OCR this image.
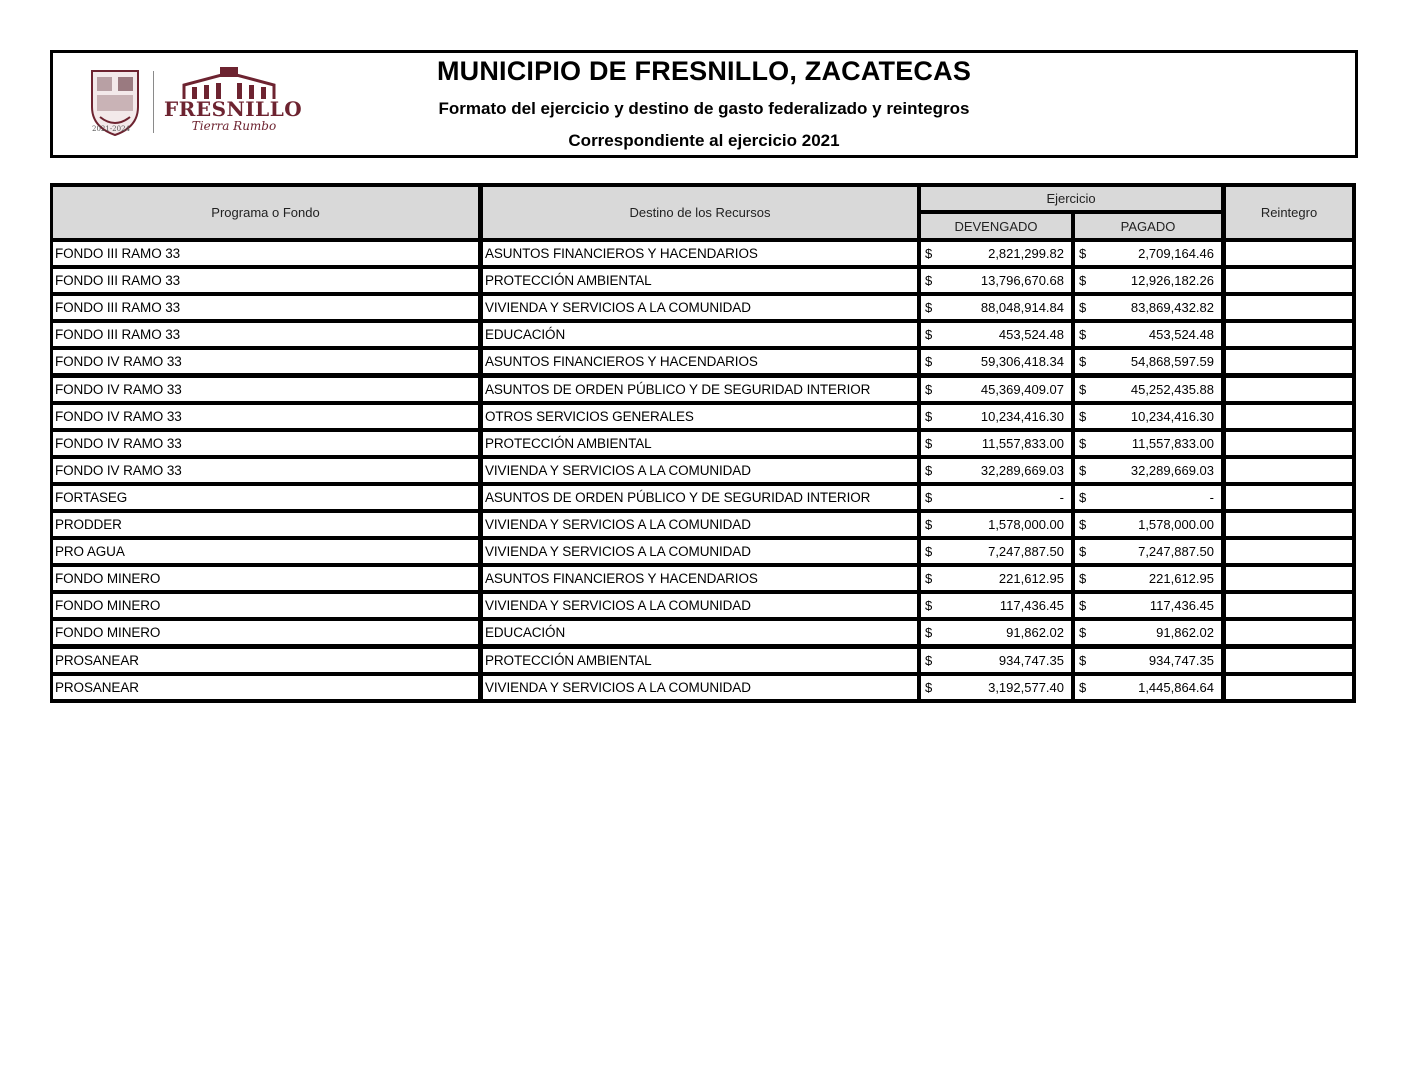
2021-2024
FRESNILLO
Tierra Rumbo
MUNICIPIO DE FRESNILLO, ZACATECAS
Formato del ejercicio y destino de gasto federalizado y reintegros
Correspondiente al ejercicio 2021
Programa o Fondo	Destino de los Recursos
Ejercicio
DEVENGADO	PAGADO
Reintegro
FONDO III RAMO 33	ASUNTOS FINANCIEROS Y HACENDARIOS	$	2,821,299.82 $	2,709,164.46
FONDO III RAMO 33	PROTECCIÓN AMBIENTAL	$	13,796,670.68 $	12,926,182.26
FONDO III RAMO 33	VIVIENDA Y SERVICIOS A LA COMUNIDAD	$	88,048,914.84 $	83,869,432.82
FONDO III RAMO 33	EDUCACIÓN	$	453,524.48 $	453,524.48
FONDO IV RAMO 33	ASUNTOS FINANCIEROS Y HACENDARIOS	$	59,306,418.34 $	54,868,597.59
FONDO IV RAMO 33	ASUNTOS DE ORDEN PÚBLICO Y DE SEGURIDAD INTERIOR	$	45,369,409.07 $	45,252,435.88
FONDO IV RAMO 33	OTROS SERVICIOS GENERALES	$	10,234,416.30 $	10,234,416.30
FONDO IV RAMO 33	PROTECCIÓN AMBIENTAL	$	11,557,833.00 $	11,557,833.00
FONDO IV RAMO 33	VIVIENDA Y SERVICIOS A LA COMUNIDAD	$	32,289,669.03 $	32,289,669.03
FORTASEG	ASUNTOS DE ORDEN PÚBLICO Y DE SEGURIDAD INTERIOR	$	- $	-
PRODDER	VIVIENDA Y SERVICIOS A LA COMUNIDAD	$	1,578,000.00 $	1,578,000.00
PRO AGUA	VIVIENDA Y SERVICIOS A LA COMUNIDAD	$	7,247,887.50 $	7,247,887.50
FONDO MINERO	ASUNTOS FINANCIEROS Y HACENDARIOS	$	221,612.95 $	221,612.95
FONDO MINERO	VIVIENDA Y SERVICIOS A LA COMUNIDAD	$	117,436.45 $	117,436.45
FONDO MINERO	EDUCACIÓN	$	91,862.02 $	91,862.02
PROSANEAR	PROTECCIÓN AMBIENTAL	$	934,747.35 $	934,747.35
PROSANEAR	VIVIENDA Y SERVICIOS A LA COMUNIDAD	$	3,192,577.40 $	1,445,864.64
